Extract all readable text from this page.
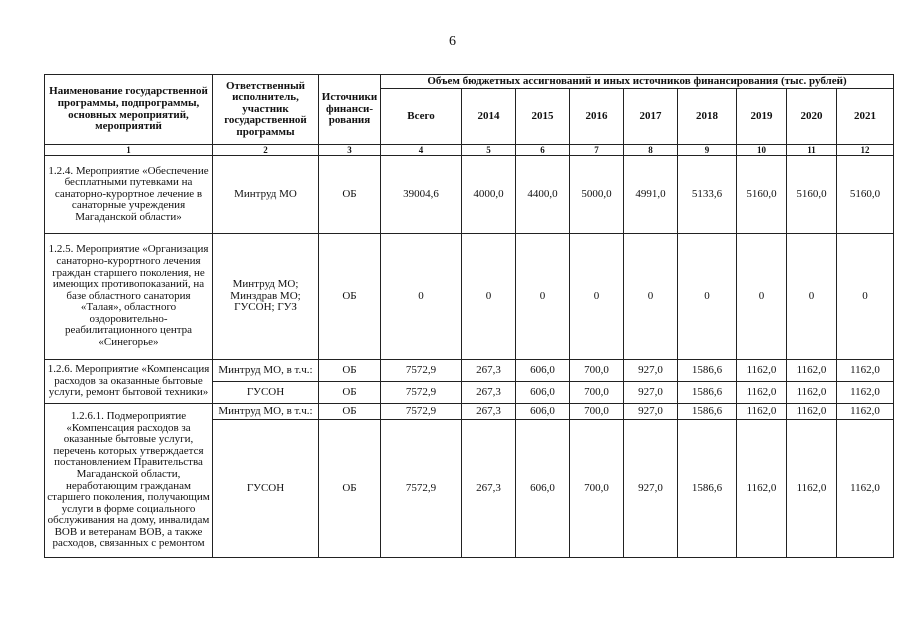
6
Наименование государственной программы, подпрограммы, основных мероприятий, мероприятий	Ответственный исполнитель, участник государственной программы	Источники финанси-рования	Объем бюджетных ассигнований и иных источников финансирования (тыс. рублей)								
			Всего	2014	2015	2016	2017	2018	2019	2020	2021
1	2	3	4	5	6	7	8	9	10	11	12
1.2.4. Мероприятие «Обеспечение бесплатными путевками на санаторно-курортное лечение в санаторные учреждения Магаданской области»	Минтруд МО	ОБ	39004,6	4000,0	4400,0	5000,0	4991,0	5133,6	5160,0	5160,0	5160,0
1.2.5. Мероприятие «Организация санаторно-курортного лечения граждан старшего поколения, не имеющих противопоказаний, на базе областного санатория «Талая», областного оздоровительно-реабилитационного центра «Синегорье»	Минтруд МО; Минздрав МО; ГУСОН; ГУЗ	ОБ	0	0	0	0	0	0	0	0	0
1.2.6. Мероприятие «Компенсация расходов за оказанные бытовые услуги, ремонт бытовой техники»	Минтруд МО, в т.ч.:	ОБ	7572,9	267,3	606,0	700,0	927,0	1586,6	1162,0	1162,0	1162,0
	ГУСОН	ОБ	7572,9	267,3	606,0	700,0	927,0	1586,6	1162,0	1162,0	1162,0
1.2.6.1. Подмероприятие «Компенсация расходов за оказанные бытовые услуги, перечень которых утверждается постановлением Правительства Магаданской области, неработающим гражданам старшего поколения, получающим услуги в форме социального обслуживания на дому, инвалидам ВОВ и ветеранам ВОВ, а также расходов, связанных с ремонтом	Минтруд МО, в т.ч.:	ОБ	7572,9	267,3	606,0	700,0	927,0	1586,6	1162,0	1162,0	1162,0
	ГУСОН	ОБ	7572,9	267,3	606,0	700,0	927,0	1586,6	1162,0	1162,0	1162,0
